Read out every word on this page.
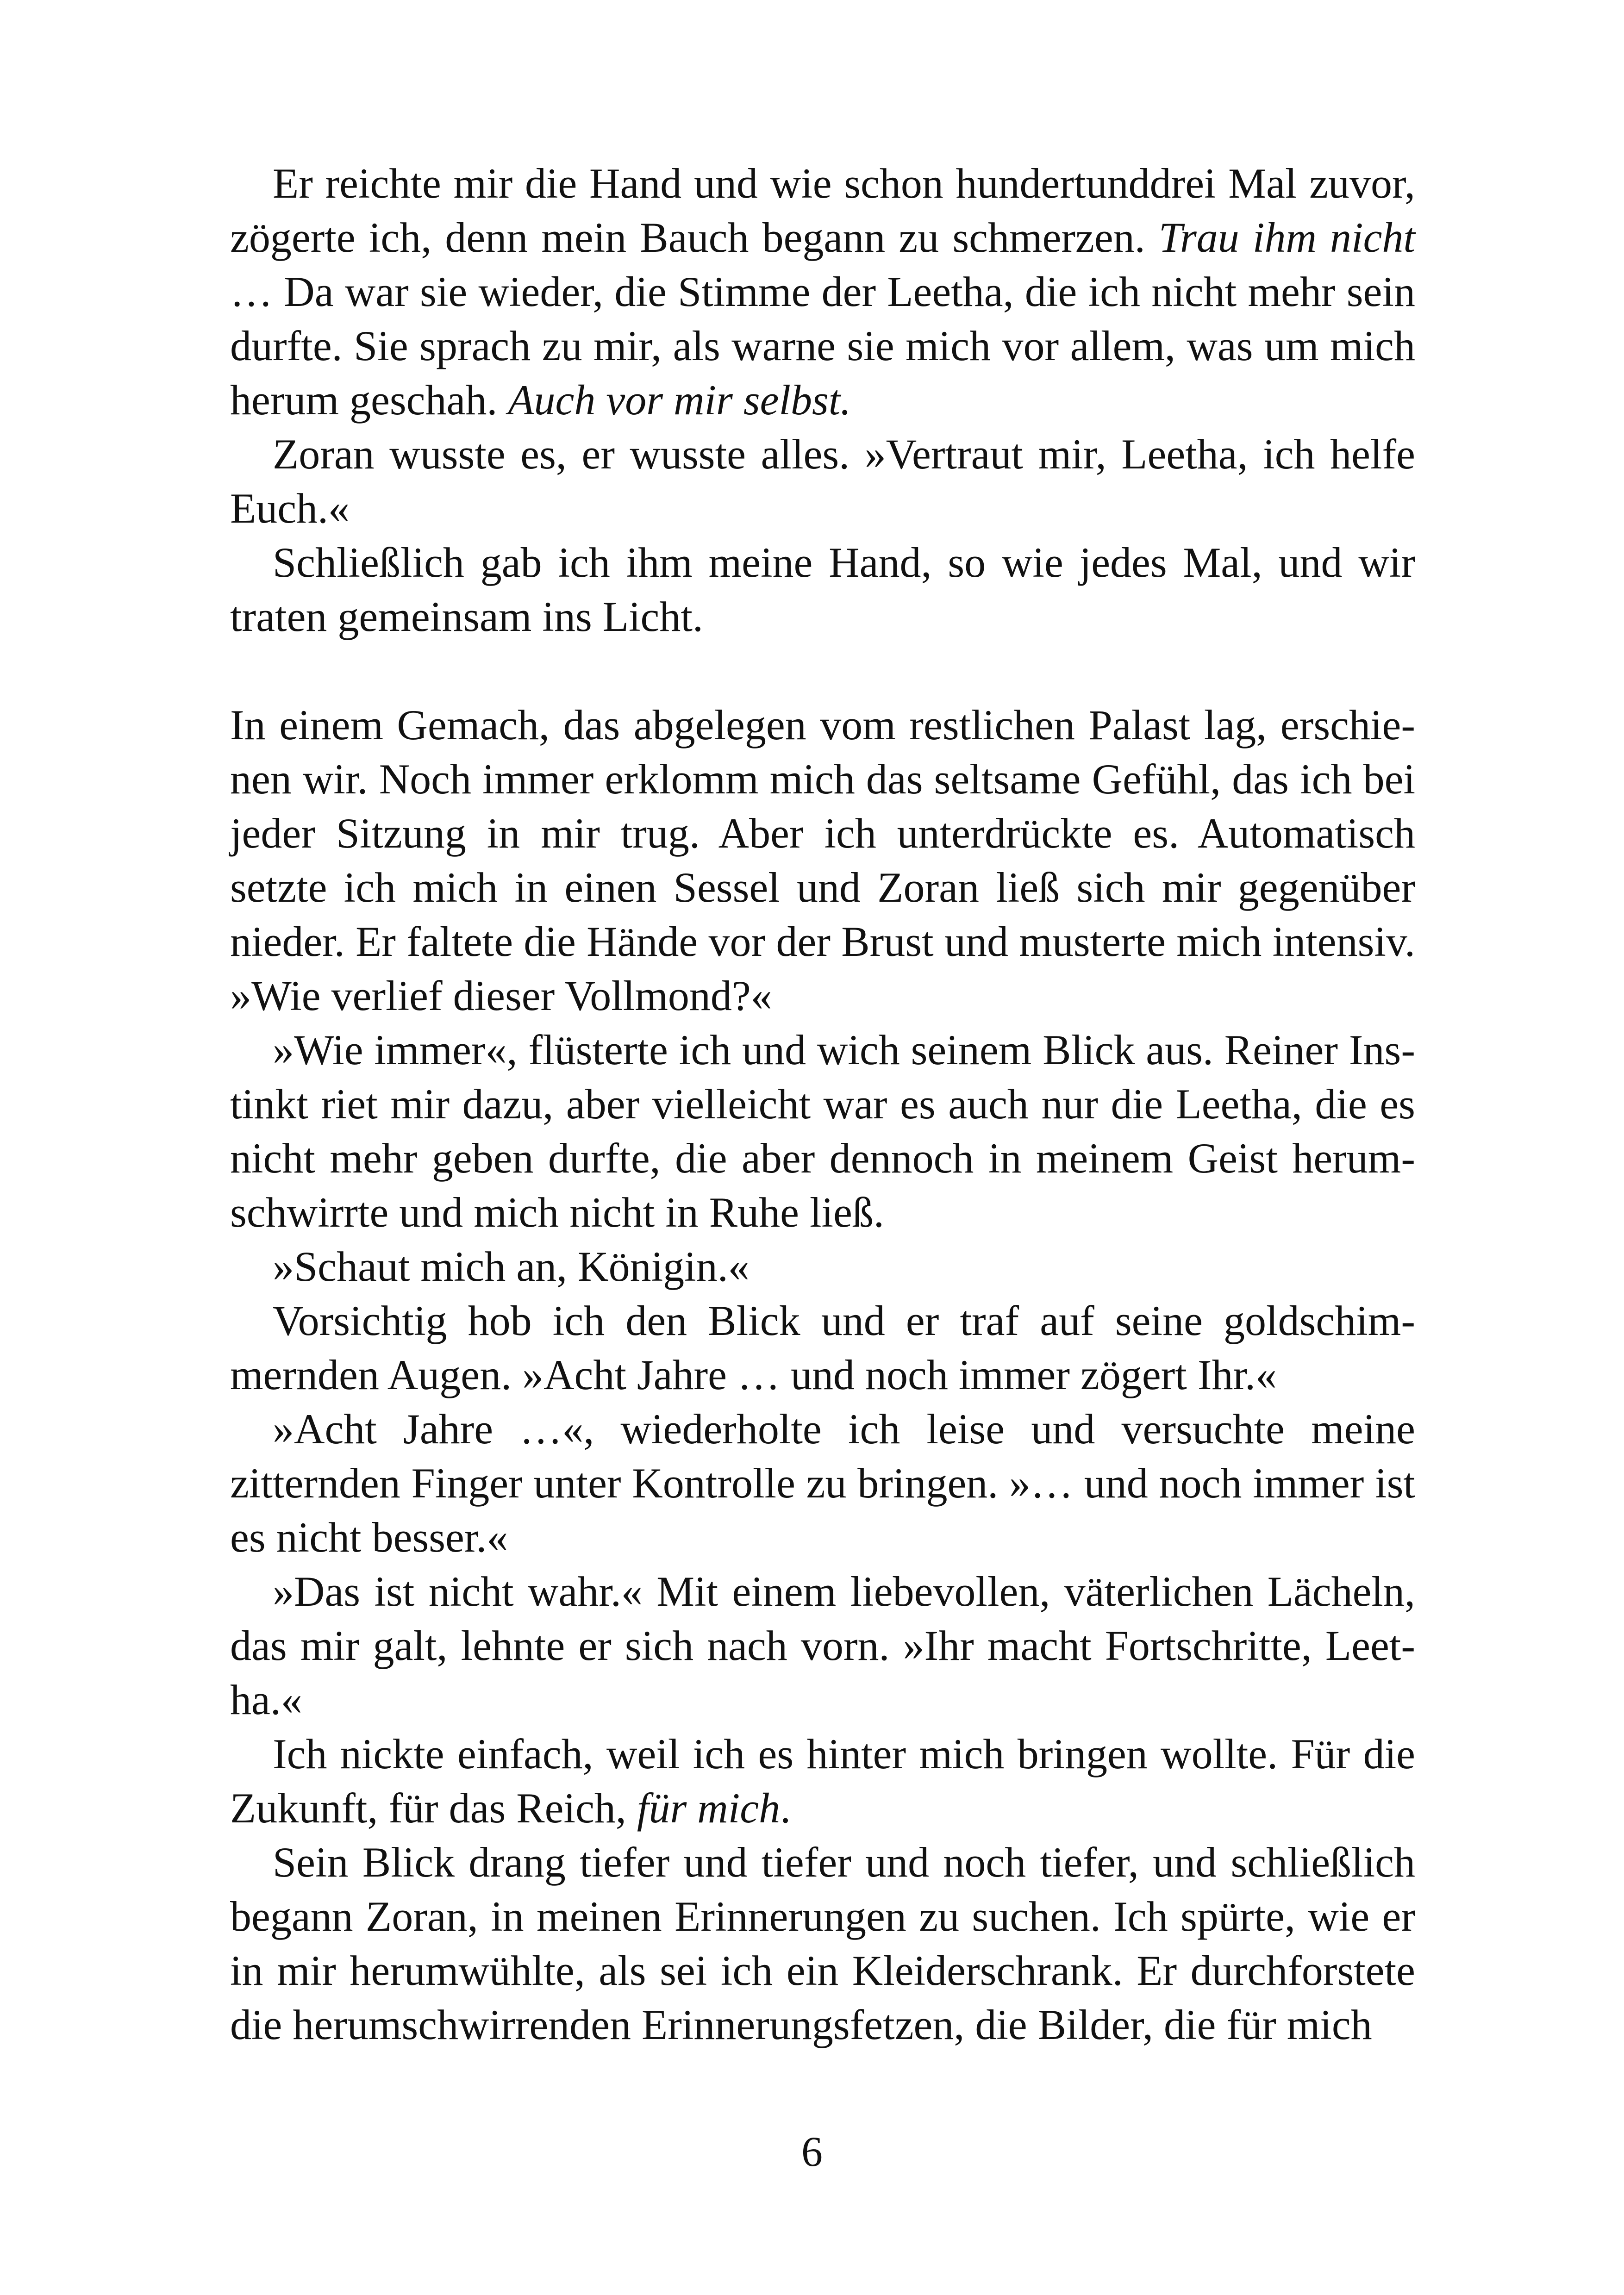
Er reichte mir die Hand und wie schon hundertunddrei Mal zuvor, zögerte ich, denn mein Bauch begann zu schmerzen. Trau ihm nicht … Da war sie wieder, die Stimme der Leetha, die ich nicht mehr sein durfte. Sie sprach zu mir, als warne sie mich vor allem, was um mich herum geschah. Auch vor mir selbst.

Zoran wusste es, er wusste alles. »Vertraut mir, Leetha, ich helfe Euch.«

Schließlich gab ich ihm meine Hand, so wie jedes Mal, und wir traten gemeinsam ins Licht.

In einem Gemach, das abgelegen vom restlichen Palast lag, erschienen wir. Noch immer erklomm mich das seltsame Gefühl, das ich bei jeder Sitzung in mir trug. Aber ich unterdrückte es. Automatisch setzte ich mich in einen Sessel und Zoran ließ sich mir gegenüber nieder. Er faltete die Hände vor der Brust und musterte mich intensiv. »Wie verlief dieser Vollmond?«

»Wie immer«, flüsterte ich und wich seinem Blick aus. Reiner Instinkt riet mir dazu, aber vielleicht war es auch nur die Leetha, die es nicht mehr geben durfte, die aber dennoch in meinem Geist herumschwirrte und mich nicht in Ruhe ließ.

»Schaut mich an, Königin.«

Vorsichtig hob ich den Blick und er traf auf seine goldschimmernden Augen. »Acht Jahre … und noch immer zögert Ihr.«

»Acht Jahre …«, wiederholte ich leise und versuchte meine zitternden Finger unter Kontrolle zu bringen. »… und noch immer ist es nicht besser.«

»Das ist nicht wahr.« Mit einem liebevollen, väterlichen Lächeln, das mir galt, lehnte er sich nach vorn. »Ihr macht Fortschritte, Leetha.«

Ich nickte einfach, weil ich es hinter mich bringen wollte. Für die Zukunft, für das Reich, für mich.

Sein Blick drang tiefer und tiefer und noch tiefer, und schließlich begann Zoran, in meinen Erinnerungen zu suchen. Ich spürte, wie er in mir herumwühlte, als sei ich ein Kleiderschrank. Er durchforstete die herumschwirrenden Erinnerungsfetzen, die Bilder, die für mich

6
